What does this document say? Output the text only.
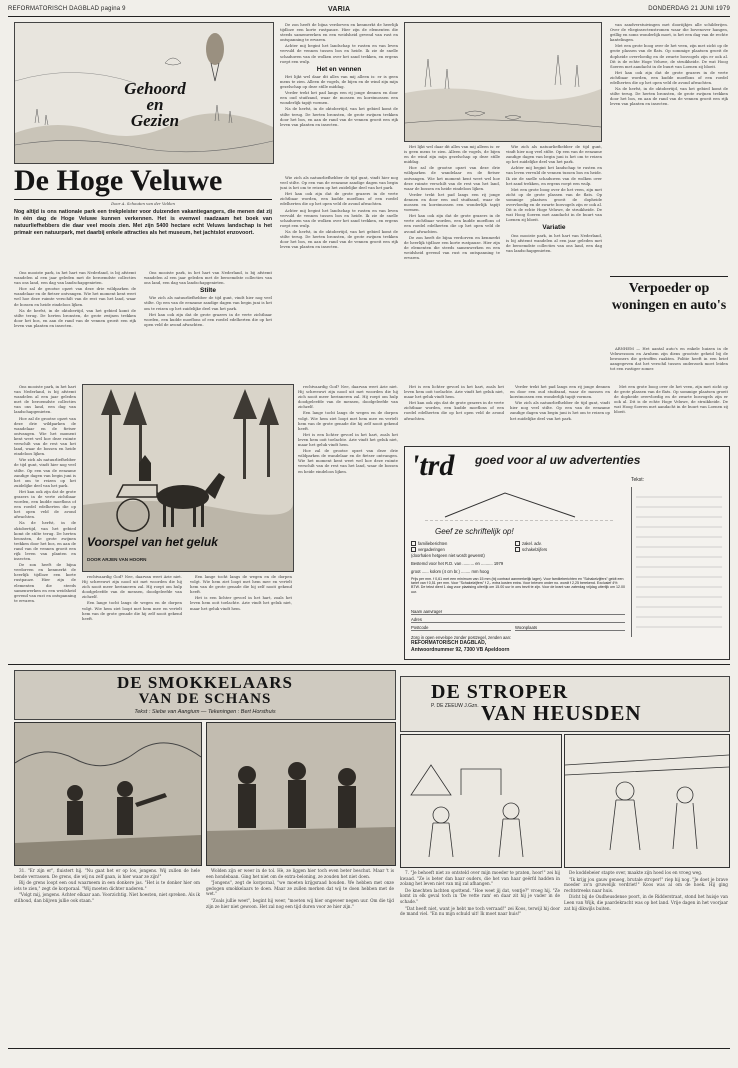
REFORMATORISCH DAGBLAD pagina 9	VARIA	DONDERDAG 21 JUNI 1979
Gehoord
en
Gezien
De Hoge Veluwe
Door A. Schouten van der Velden
Nog altijd is ons nationale park een trekpleister voor duizenden vakantiegangers, die menen dat zij in één dag de Hoge Veluwe kunnen verkennen. Het is evenwel raadzaam het boek van natuurliefhebbers die daar veel moois zien. Met zijn 5400 hectare echt Veluws landschap is het primair een natuurpark, met daarbij enkele attracties als het museum, het jachtslot enzovoort.

Ons mooiste park, in het hart van Nederland, is bij afstemt wandelen al een jaar geleden met de beroemdste collecties van ons land, een dag van landschapgenieten.

Hoe zal de grootse opzet van deze drie wildparken de wandelaar en de fietser ontvangen. Wie het moment kent weet wel hoe deze ruimte verschilt van de rest van het land, waar de bossen en heide eindeloos lijken.

Na de herfst, in de oktobertijd, van het gebied komt de stilte terug. De herten bronsten, de grote zwijnen trekken door het bos, en aan de rand van de vennen groeit een rijk leven van planten en insecten.

Ons mooiste park, in het hart van Nederland, is bij afstemt wandelen al een jaar geleden met de beroemdste collecties van ons land, een dag van landschapgenieten.

Stilte

Wie zich als natuurliefhebber de tijd gunt, vindt hier nog veel stilte. Op een van de eenzame zandige dagen van begin juni is het om te reizen op het zuidelijke deel van het park.

Het kan ook zijn dat de grote grazers in de verte zichtbaar worden, een kudde moeflons of een roedel edelherten die op het open veld de avond afwachten.

De zon heeft de bijna verdorven en kenmerkt de heerlijk tijdloze een korte rustpauze. Hier zijn de elementen die steeds samenwerken en een weidsheid gevend van rust en ontspanning te ervaren.

Achter mij begint het landschap te rusten en van leven vervuld de vennen tussen bos en heide. Ik zie de snelle schaduwen van de wolken over het zand trekken, en ergens roept een wulp.

Het en vennen

Het lijkt wel daar dit alles van mij alleen is: er is geen mens te zien. Alleen de vogels, de bijen en de wind zijn mijn gezelschap op deze stille middag.

Verder trekt het pad langs een rij jonge dennen en door een oud stuifzand, waar de mossen en korstmossen een wonderlijk tapijt vormen.

Na de herfst, in de oktobertijd, van het gebied komt de stilte terug. De herten bronsten, de grote zwijnen trekken door het bos, en aan de rand van de vennen groeit een rijk leven van planten en insecten.

Wie zich als natuurliefhebber de tijd gunt, vindt hier nog veel stilte. Op een van de eenzame zandige dagen van begin juni is het om te reizen op het zuidelijke deel van het park.

Het kan ook zijn dat de grote grazers in de verte zichtbaar worden, een kudde moeflons of een roedel edelherten die op het open veld de avond afwachten.

Achter mij begint het landschap te rusten en van leven vervuld de vennen tussen bos en heide. Ik zie de snelle schaduwen van de wolken over het zand trekken, en ergens roept een wulp.

Na de herfst, in de oktobertijd, van het gebied komt de stilte terug. De herten bronsten, de grote zwijnen trekken door het bos, en aan de rand van de vennen groeit een rijk leven van planten en insecten.

Het lijkt wel daar dit alles van mij alleen is: er is geen mens te zien. Alleen de vogels, de bijen en de wind zijn mijn gezelschap op deze stille middag.

Hoe zal de grootse opzet van deze drie wildparken de wandelaar en de fietser ontvangen. Wie het moment kent weet wel hoe deze ruimte verschilt van de rest van het land, waar de bossen en heide eindeloos lijken.

Verder trekt het pad langs een rij jonge dennen en door een oud stuifzand, waar de mossen en korstmossen een wonderlijk tapijt vormen.

Het kan ook zijn dat de grote grazers in de verte zichtbaar worden, een kudde moeflons of een roedel edelherten die op het open veld de avond afwachten.

De zon heeft de bijna verdorven en kenmerkt de heerlijk tijdloze een korte rustpauze. Hier zijn de elementen die steeds samenwerken en een weidsheid gevend van rust en ontspanning te ervaren.

Wie zich als natuurliefhebber de tijd gunt, vindt hier nog veel stilte. Op een van de eenzame zandige dagen van begin juni is het om te reizen op het zuidelijke deel van het park.

Achter mij begint het landschap te rusten en van leven vervuld de vennen tussen bos en heide. Ik zie de snelle schaduwen van de wolken over het zand trekken, en ergens roept een wulp.

Met een grote boog over de het veen, zijn met zicht op de grote plassen van de flats. Op sommige plaatsen groeit de dopheide overvloedig en de zwarte bosvogels zijn er ook al. Dit is de echte Hoge Veluwe, de struikheide. De wat Hoog Soeren met aandacht in de buurt van Loenen zij bloeit.

Variatie

Ons mooiste park, in het hart van Nederland, is bij afstemt wandelen al een jaar geleden met de beroemdste collecties van ons land, een dag van landschapgenieten.

van zandverstuivingen met dooriijkjes alle schilderijen. Over de vlieginsectenstromen waar die bovenover hangen, grillig en soms wonderlijk moet, is het een dag van de rechte kantelingen.

Met een grote boog over de het veen, zijn met zicht op de grote plassen van de flats. Op sommige plaatsen groeit de dopheide overvloedig en de zwarte bosvogels zijn er ook al. Dit is de echte Hoge Veluwe, de struikheide. De wat Hoog Soeren met aandacht in de buurt van Loenen zij bloeit.

Het kan ook zijn dat de grote grazers in de verte zichtbaar worden, een kudde moeflons of een roedel edelherten die op het open veld de avond afwachten.

Na de herfst, in de oktobertijd, van het gebied komt de stilte terug. De herten bronsten, de grote zwijnen trekken door het bos, en aan de rand van de vennen groeit een rijk leven van planten en insecten.

Verpoeder op woningen en auto's

ARNHEM — Het aantal auto's en enkele huizen in de Veluwezoom en Arnhem zijn diens grootste geheid bij de bewoners die getroffen raakten. Politie heeft in een brief aangegeven dat het verschil tussen onderzoek moet leiden tot een rustiger zomer.

Ons mooiste park, in het hart van Nederland, is bij afstemt wandelen al een jaar geleden met de beroemdste collecties van ons land, een dag van landschapgenieten.

Hoe zal de grootse opzet van deze drie wildparken de wandelaar en de fietser ontvangen. Wie het moment kent weet wel hoe deze ruimte verschilt van de rest van het land, waar de bossen en heide eindeloos lijken.

Wie zich als natuurliefhebber de tijd gunt, vindt hier nog veel stilte. Op een van de eenzame zandige dagen van begin juni is het om te reizen op het zuidelijke deel van het park.

Het kan ook zijn dat de grote grazers in de verte zichtbaar worden, een kudde moeflons of een roedel edelherten die op het open veld de avond afwachten.

Na de herfst, in de oktobertijd, van het gebied komt de stilte terug. De herten bronsten, de grote zwijnen trekken door het bos, en aan de rand van de vennen groeit een rijk leven van planten en insecten.

De zon heeft de bijna verdorven en kenmerkt de heerlijk tijdloze een korte rustpauze. Hier zijn de elementen die steeds samenwerken en een weidsheid gevend van rust en ontspanning te ervaren.

Voorspel van het geluk
DOOR ARJEN VAN HOORN

rechtvaardig God? Nee, daarvan weet Arie niet. Hij schreeuwt zijn nood uit met woorden die hij zich nooit meer herinneren zal. Hij roept om hulp doodgeleefde van de mensen, doodgeleefde van zichzelf.

Een lange tocht langs de wegen en de dorpen volgt. Wie hem ziet loopt met hem mee en vertelt hem van de grote genade die hij zelf nooit gekend heeft.

Een lange tocht langs de wegen en de dorpen volgt. Wie hem ziet loopt met hem mee en vertelt hem van de grote genade die hij zelf nooit gekend heeft.

Het is een lichter gevoel in het hart, zoals het leven hem ooit toelachte. Arie vindt het geluk niet, maar het geluk vindt hem.

rechtvaardig God? Nee, daarvan weet Arie niet. Hij schreeuwt zijn nood uit met woorden die hij zich nooit meer herinneren zal. Hij roept om hulp doodgeleefde van de mensen, doodgeleefde van zichzelf.

Een lange tocht langs de wegen en de dorpen volgt. Wie hem ziet loopt met hem mee en vertelt hem van de grote genade die hij zelf nooit gekend heeft.

Het is een lichter gevoel in het hart, zoals het leven hem ooit toelachte. Arie vindt het geluk niet, maar het geluk vindt hem.

Hoe zal de grootse opzet van deze drie wildparken de wandelaar en de fietser ontvangen. Wie het moment kent weet wel hoe deze ruimte verschilt van de rest van het land, waar de bossen en heide eindeloos lijken.

Het is een lichter gevoel in het hart, zoals het leven hem ooit toelachte. Arie vindt het geluk niet, maar het geluk vindt hem.

Het kan ook zijn dat de grote grazers in de verte zichtbaar worden, een kudde moeflons of een roedel edelherten die op het open veld de avond afwachten.

Verder trekt het pad langs een rij jonge dennen en door een oud stuifzand, waar de mossen en korstmossen een wonderlijk tapijt vormen.

Wie zich als natuurliefhebber de tijd gunt, vindt hier nog veel stilte. Op een van de eenzame zandige dagen van begin juni is het om te reizen op het zuidelijke deel van het park.

Met een grote boog over de het veen, zijn met zicht op de grote plassen van de flats. Op sommige plaatsen groeit de dopheide overvloedig en de zwarte bosvogels zijn er ook al. Dit is de echte Hoge Veluwe, de struikheide. De wat Hoog Soeren met aandacht in de buurt van Loenen zij bloeit.

'trd	goed voor al uw advertenties
Tekst:
Geef ze schriftelijk op!
familieberichten	zakel. adv.
vergaderingen	schakelzijfers
(doorhalen hetgeen niet wordt gewenst)
Bestemd voor het R.D. van .......... en .......... 1979
groot ...... kolom (4 cm br.) ........ mm hoog
Prijs per mm. f 0,61 met een minimum van 15 mm (bij contract aanmerkelijk lager). Voor familieberichten en "Schakelzijfers" geldt een tarief van f 0,51 per mm. Voor "Schakelzijfers" f 2,- extra kosten extra. Voor brieven onder no. wordt f 2,25 berekend. Exclusief 4% BTW. De tekst dient 1 dag voor plaatsing uiterlijk om 15.00 uur in ons bezit te zijn. Voor de krant van zaterdag vrijdag uiterlijk om 12.00 uur.
Naam aanvrager
Adres
Postcode	Woonplaats
Zorg in open envelope zonder postzegel, zenden aan:
REFORMATORISCH DAGBLAD,
Antwoordnummer 92, 7300 VB Apeldoorn
DE SMOKKELAARS
VAN DE SCHANS
Tekst : Siebe van Aangium — Tekeningen : Bert Horsthuis

31. "Er zijn er", fluistert hij. "Nu gaat het er op los, jongens. Wij zullen de hele bende verrassen. De grens, die wij nu zelf gaan, is hier waar ze zijn!"

Bij de grens loopt een oud waarneem in een donkere jas. "Het is te donker hier om iets te zien," zegt de korporaal. "Wij moeten dichter naderen."

"Volgt mij, jongens. Achter elkaar aan. Voorzichtig. Niet hoesten, niet spreken. Als ik stilhoud, dan blijven jullie ook staan."

Wolden zijn er weer in de tol. Hè, ze liggen hier toch even beter beschut. Maar 't is een hondebaan. Ging het niet om de extra-beloning, ze zouden het niet doen.

"Jongens", zegt de korporaal, "we moeten krijgsraad houden. We hebben met onze gedogen smokkelaars te doen. Maar ze zullen merken dat wij te doen hebben met de wet."

"Zoals jullie weet", begint hij weer, "moeten wij hier ongeveer negen uur. Om die tijd zijn ze hier niet gewoon. Het zal nog een tijd duren voor ze hier zijn."

DE STROPER
VAN HEUSDEN
P. DE ZEEUW J.Gzn.

7. "Je behoeft niet zo ontsteld over mijn moeder te praten, hoor!" zei hij kwaad. "Ze is beter dan haar ouders, die het van haar geërfd hadden in zolang het leven niet van mij zal afhangen."

De knechten lachten spottend. "Hoe weet jij dat, ventje?" vroeg hij. "Ze komt in elk geval toch in 'De vette ram' en daar zit hij je vader in de schade."

"Dat heeft niet, want je hebt me toch verraad!" zei Koos, terwijl hij door de mand viel. "En nu mijn schuld uit! Ik moet naar huis!"

De koddebeier stapte over, maakte zijn hoed los en vroeg weg.

"Ik krijg jou gauw genoeg, brutale stroper!" riep hij nog. "Je doet je brave moeder zo'n gruwelijk verdriet!" Koos was al om de hoek. Hij ging rechtstreeks naar huis.

Dicht bij de Oudheusdense poort, in de Ridderstraat, stond het huisje van Leen van Wijk, die paardekracht was op het land. Vrije dagen in het voorjaar zat hij dikwijls buiten.
